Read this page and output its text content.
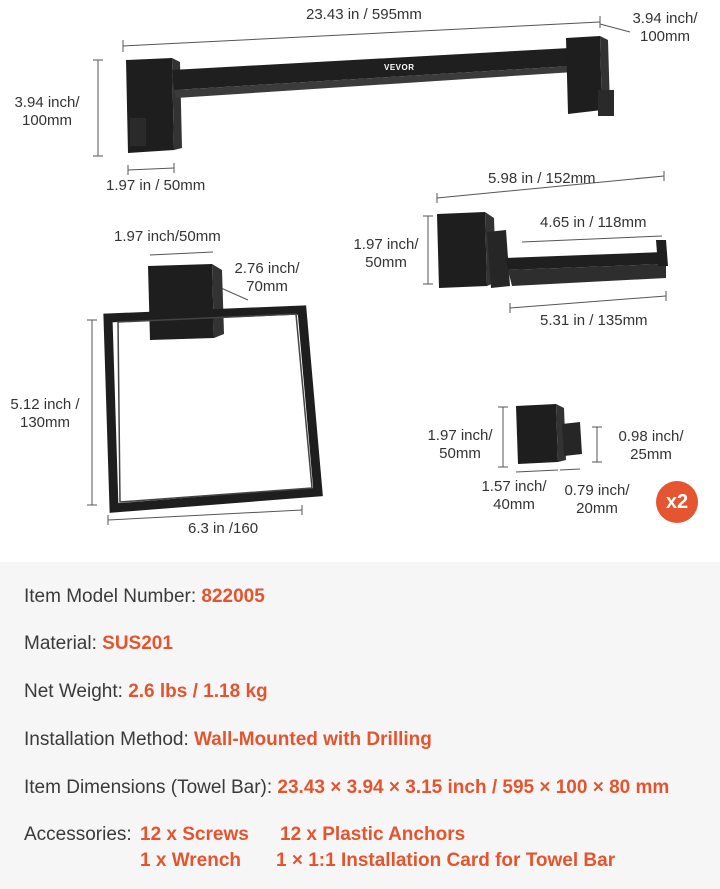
VEVOR
23.43 in / 595mm
3.94 inch/
100mm
3.94 inch/
100mm
1.97 in / 50mm
1.97 inch/50mm
2.76 inch/
70mm
5.12 inch /
130mm
6.3 in /160
5.98 in / 152mm
1.97 inch/
50mm
4.65 in / 118mm
5.31 in / 135mm
1.97 inch/
50mm
0.98 inch/
25mm
1.57 inch/
40mm
0.79 inch/
20mm	x2
Item Model Number: 822005
Material: SUS201
Net Weight: 2.6 lbs / 1.18 kg
Installation Method: Wall-Mounted with Drilling
Item Dimensions (Towel Bar): 23.43 × 3.94 × 3.15 inch / 595 × 100 × 80 mm
Accessories: 12 x Screws 12 x Plastic Anchors
1 x Wrench 1 × 1:1 Installation Card for Towel Bar
